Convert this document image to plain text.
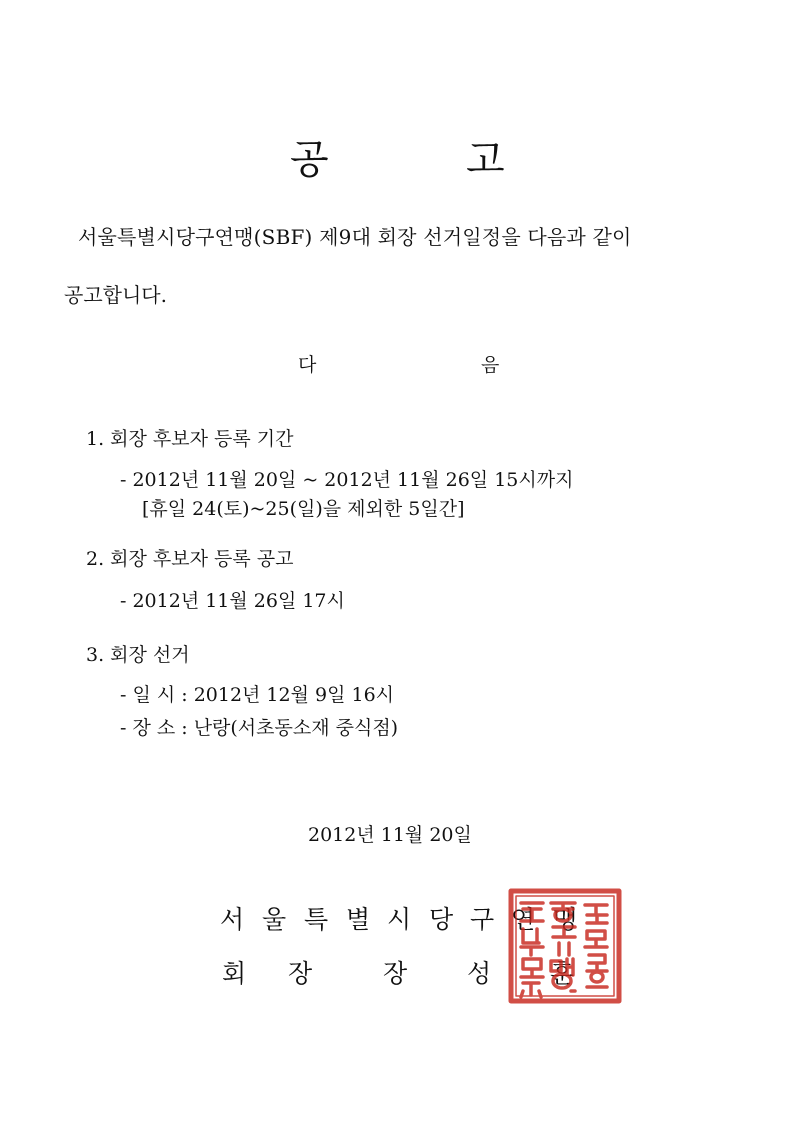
공	고
서울특별시당구연맹(SBF) 제9대 회장 선거일정을 다음과 같이
공고합니다.
다	음
1. 회장 후보자 등록 기간
- 2012년 11월 20일 ~ 2012년 11월 26일 15시까지
[휴일 24(토)~25(일)을 제외한 5일간]
2. 회장 후보자 등록 공고
- 2012년 11월 26일 17시
3. 회장 선거
- 일 시 : 2012년 12월 9일 16시
- 장 소 : 난랑(서초동소재 중식점)
2012년 11월 20일
서 울 특 별 시 당 구 연 맹
회 장	장 성 훈
